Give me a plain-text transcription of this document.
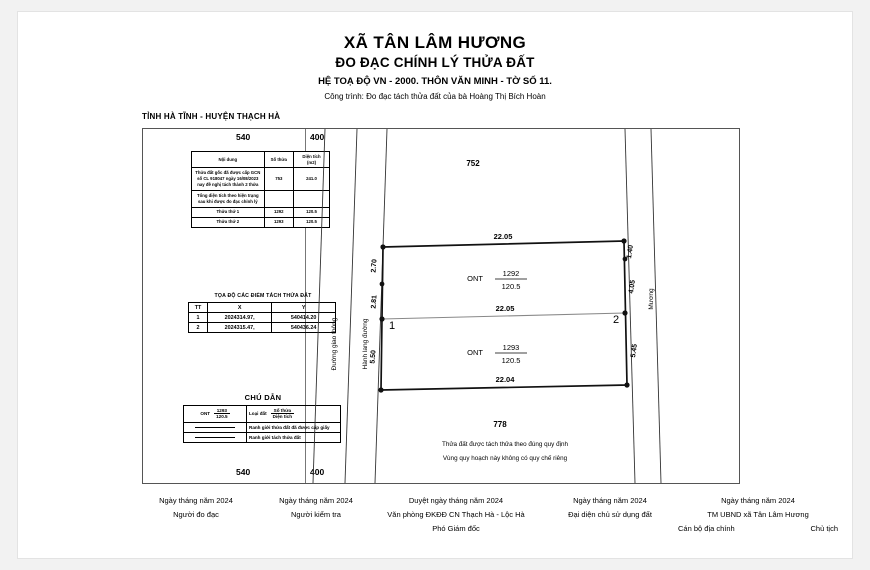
XÃ TÂN LÂM HƯƠNG
ĐO ĐẠC CHÍNH LÝ THỬA ĐẤT
HỆ TOẠ ĐỘ VN - 2000. THÔN VĂN MINH - TỜ SỐ 11.
Công trình: Đo đạc tách thửa đất của bà Hoàng Thị Bích Hoàn
TỈNH HÀ TĨNH - HUYỆN THẠCH HÀ
540	400
540	400
Nội dung	Số thửa	Diện tích
(m2)
Thửa đất gốc đã được cấp GCN số CL 918047 ngày 16/08/2023 nay đề nghị tách thành 2 thửa	753	241.0
Tổng diện tích theo hiện trạng sau khi được đo đạc chỉnh lý		
Thửa thứ 1	1292	120.5
Thửa thứ 2	1293	120.5
TỌA ĐỘ CÁC ĐIỂM TÁCH THỬA ĐẤT
TT	X	Y
1	2024314.97,	540414.20
2	2024315.47,	540436.24
CHÚ DẪN
ONT $\frac{1293}{120.5}$	Loại đất $\frac{\text{Số thửa}}{\text{Diện tích}}$

	Ranh giới thửa đất đã được cấp giấy

	Ranh giới tách thửa đất
752
778
22.05
22.05
22.04
2.70
2.81
5.50
1.40
4.05
5.45
1	2
ONT
1292
120.5
ONT
1293
120.5
Đường giao thông	Hành lang đường
Mương
Thửa đất được tách thửa theo đúng quy định
Vùng quy hoạch này không có quy chế riêng
Ngày tháng năm 2024
Người đo đạc
Ngày tháng năm 2024
Người kiểm tra
Duyệt ngày tháng năm 2024
Văn phòng ĐKĐĐ CN Thạch Hà - Lộc Hà
Phó Giám đốc
Ngày tháng năm 2024
Đại diện chủ sử dụng đất
Ngày tháng năm 2024
TM UBND xã Tân Lâm Hương
Cán bộ địa chính	Chủ tịch
